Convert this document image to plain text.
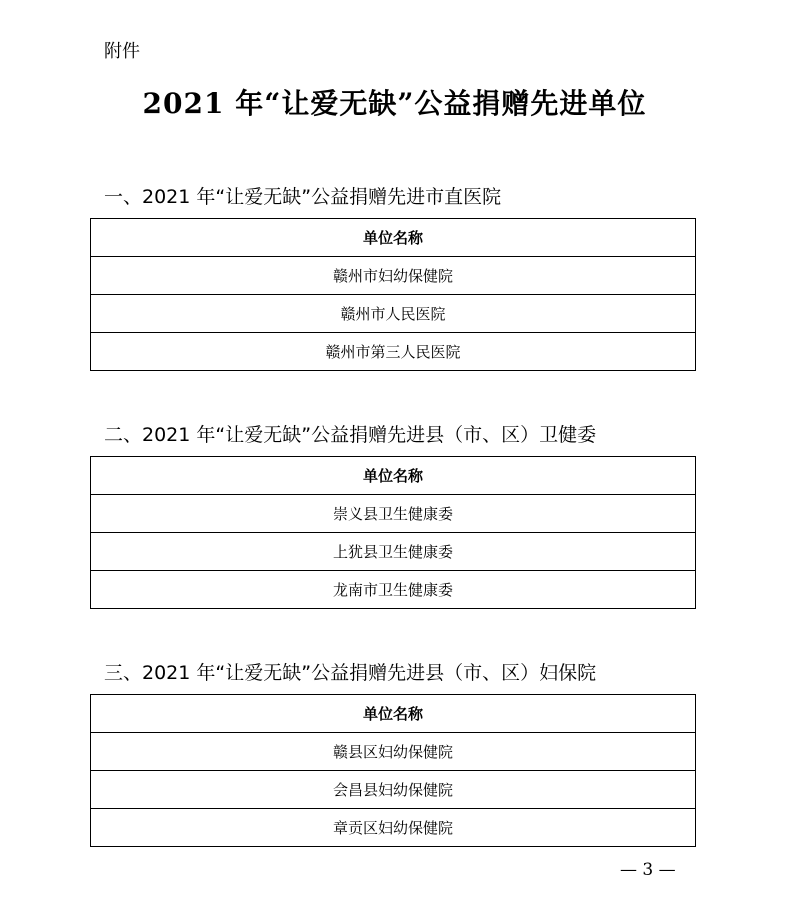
附件
2021 年“让爱无缺”公益捐赠先进单位
一、2021 年“让爱无缺”公益捐赠先进市直医院
单位名称
赣州市妇幼保健院
赣州市人民医院
赣州市第三人民医院
二、2021 年“让爱无缺”公益捐赠先进县（市、区）卫健委
单位名称
崇义县卫生健康委
上犹县卫生健康委
龙南市卫生健康委
三、2021 年“让爱无缺”公益捐赠先进县（市、区）妇保院
单位名称
赣县区妇幼保健院
会昌县妇幼保健院
章贡区妇幼保健院
— 3 —
